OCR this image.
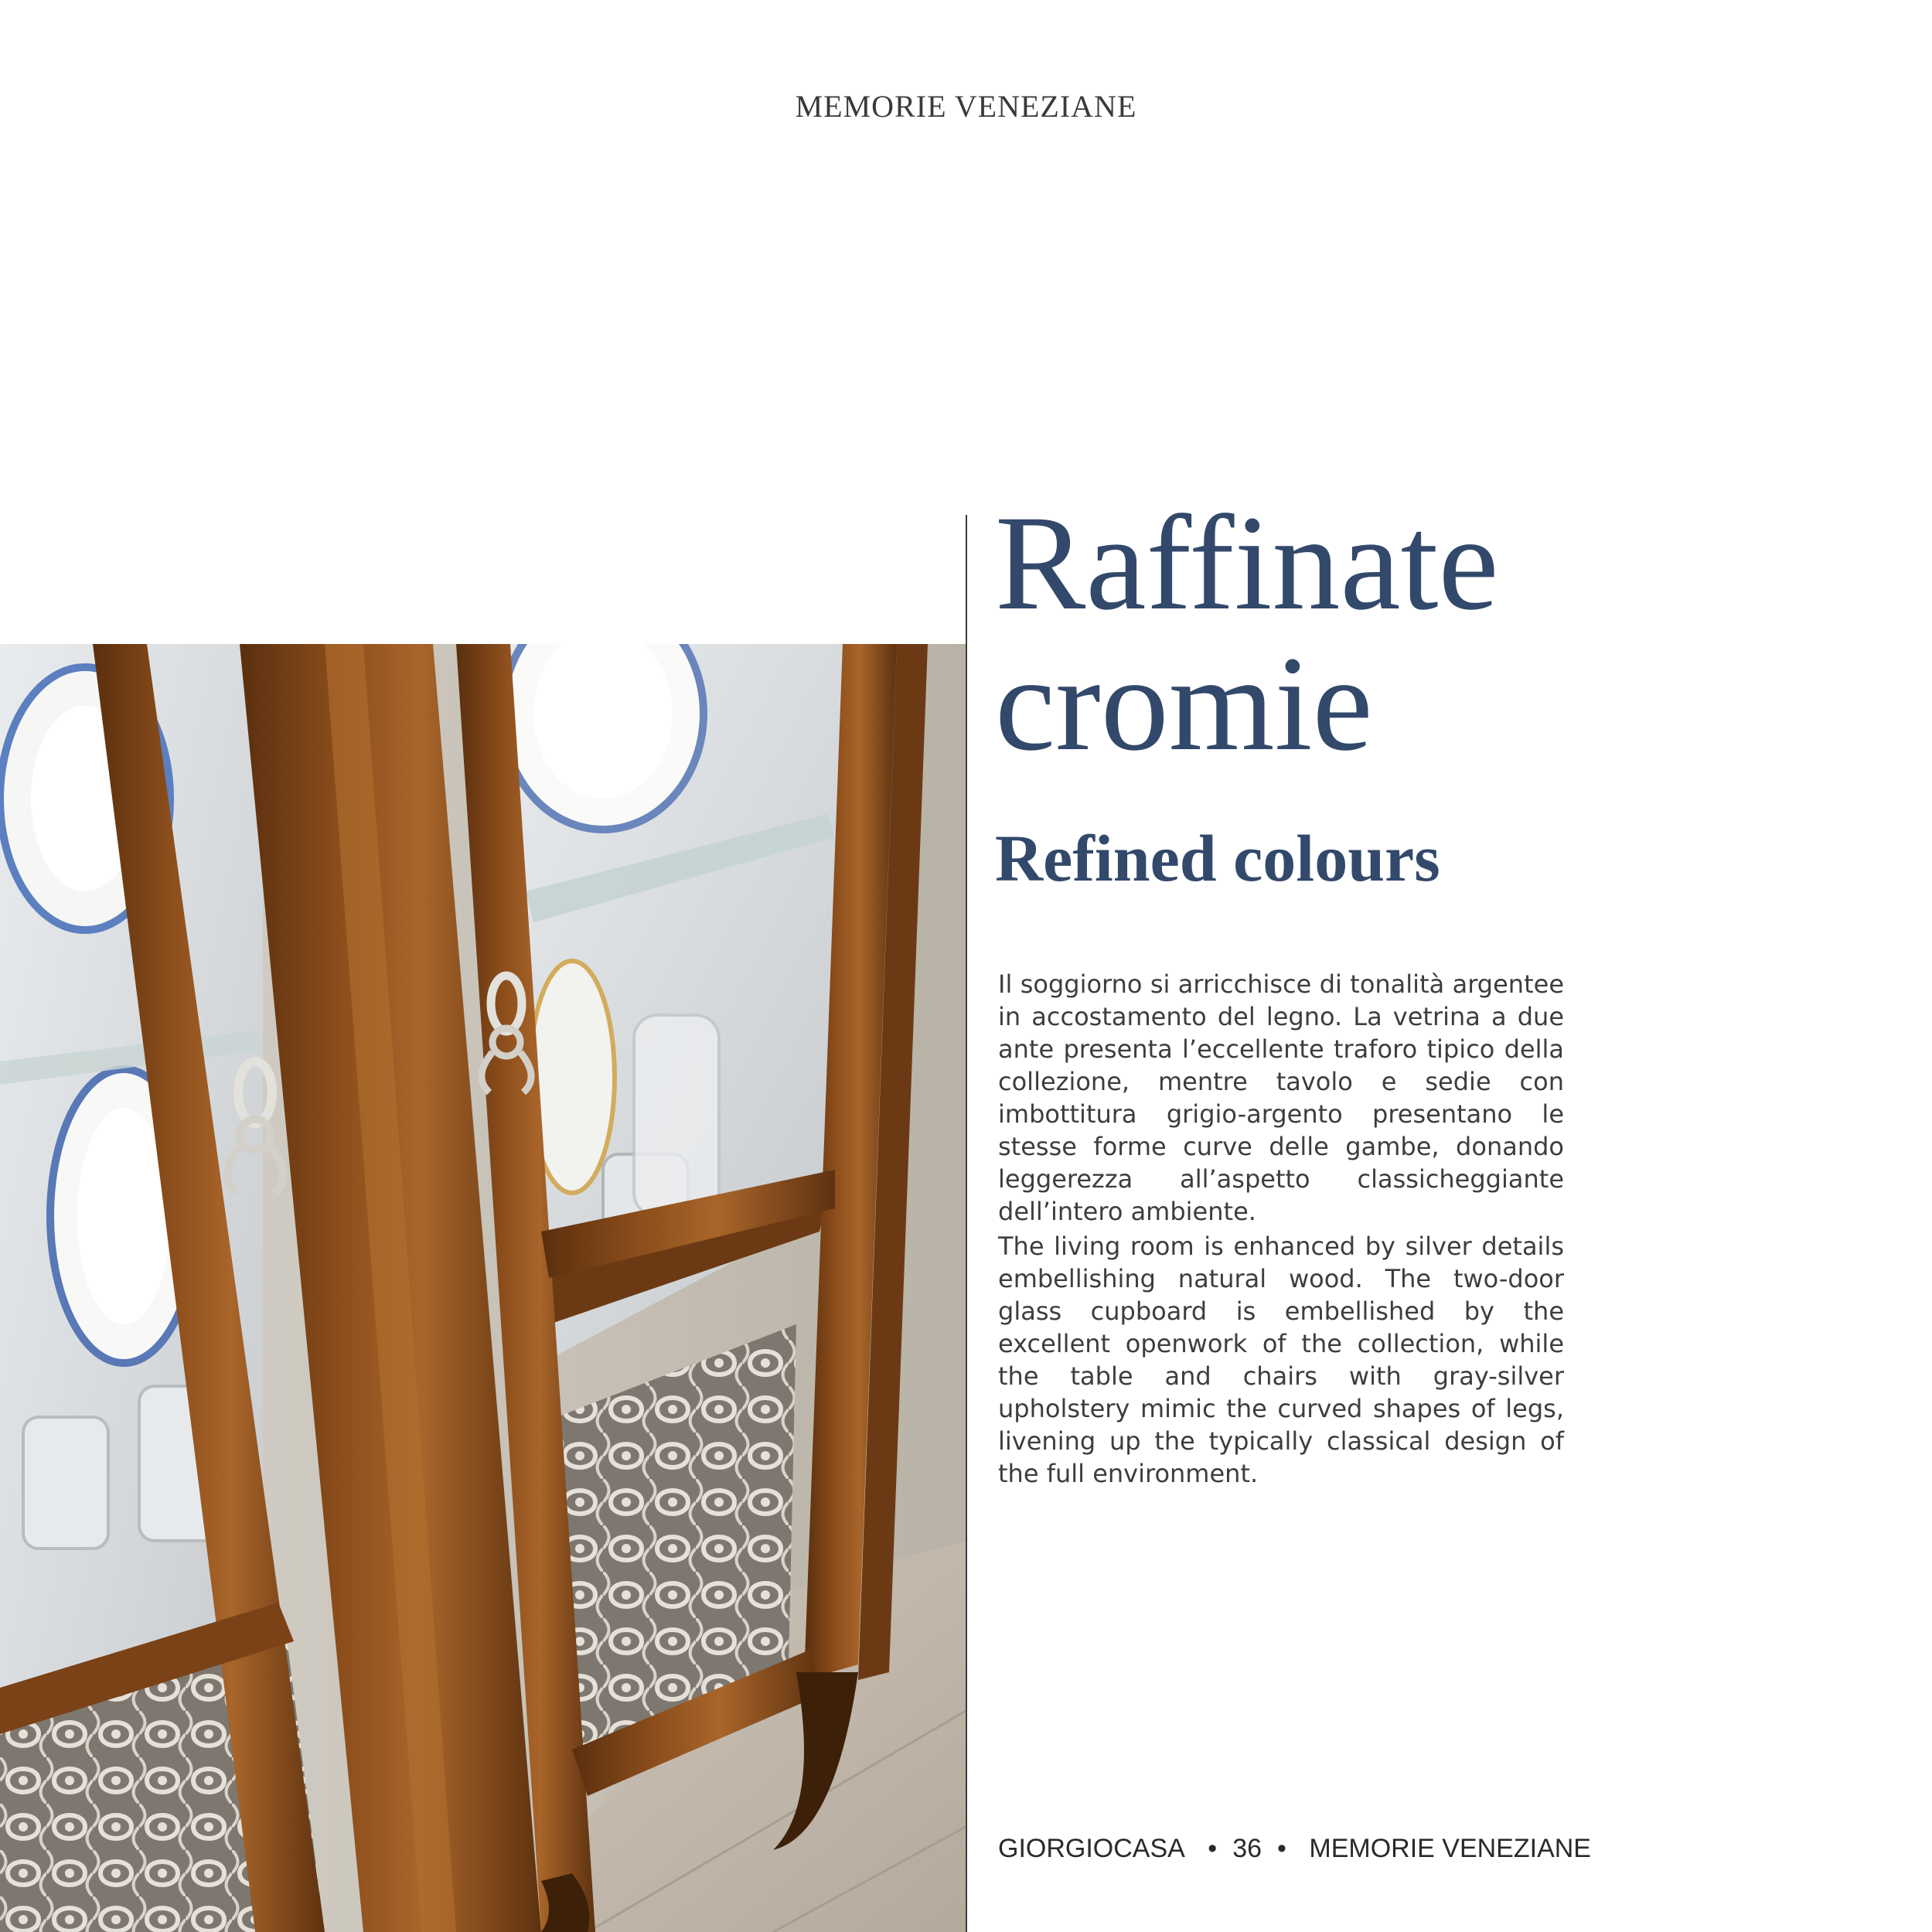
MEMORIE VENEZIANE
Raffinate
cromie
Refined colours

Il soggiorno si arricchisce di tonalità argentee in accostamento del legno. La vetrina a due ante presenta l’eccellente traforo tipico della collezione, mentre tavolo e sedie con imbottitura grigio-argento presentano le stesse forme curve delle gambe, donando leggerezza all’aspetto classicheggiante dell’intero ambiente.

The living room is enhanced by silver details embellishing natural wood. The two-door glass cupboard is embellished by the excellent openwork of the collection, while the table and chairs with gray-silver upholstery mimic the curved shapes of legs, livening up the typically classical design of the full environment.

GIORGIOCASA • 36 • MEMORIE VENEZIANE
